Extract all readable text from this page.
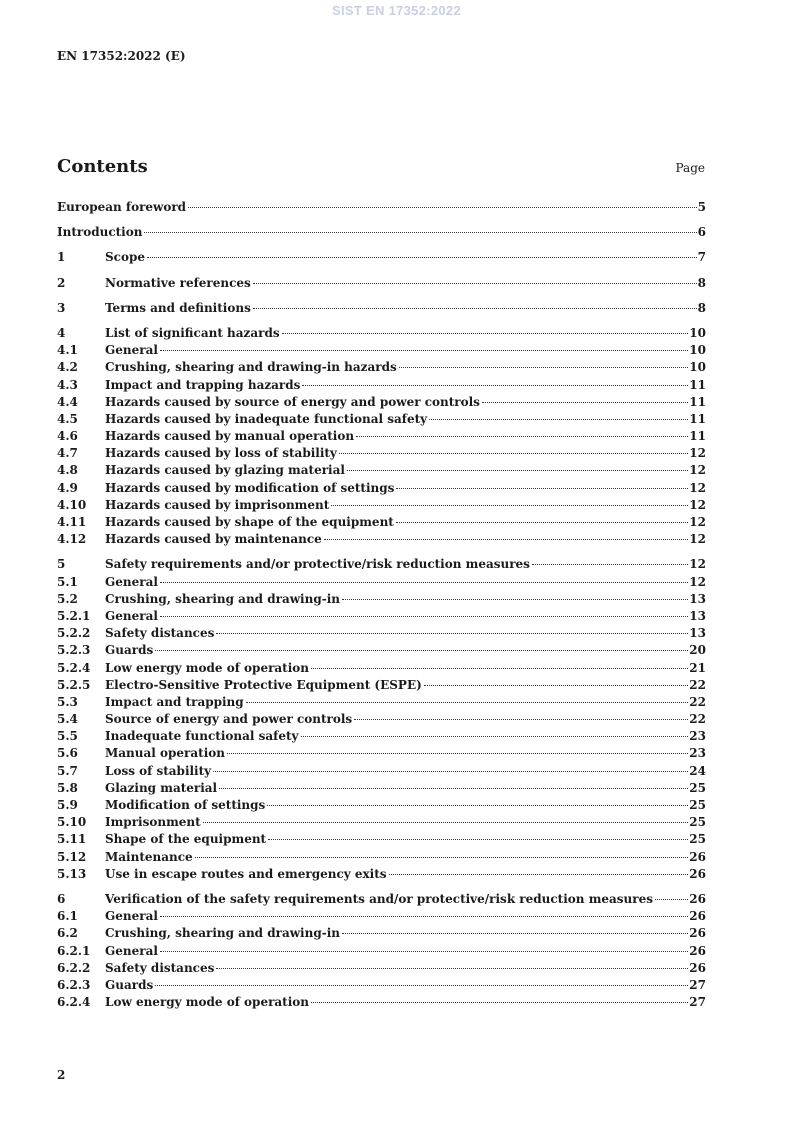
SIST EN 17352:2022
EN 17352:2022 (E)
Contents	Page
European foreword	5
Introduction	6
1	Scope	7
2	Normative references	8
3	Terms and definitions	8
4	List of significant hazards	10
4.1	General	10
4.2	Crushing, shearing and drawing-in hazards	10
4.3	Impact and trapping hazards	11
4.4	Hazards caused by source of energy and power controls	11
4.5	Hazards caused by inadequate functional safety	11
4.6	Hazards caused by manual operation	11
4.7	Hazards caused by loss of stability	12
4.8	Hazards caused by glazing material	12
4.9	Hazards caused by modification of settings	12
4.10	Hazards caused by imprisonment	12
4.11	Hazards caused by shape of the equipment	12
4.12	Hazards caused by maintenance	12
5	Safety requirements and/or protective/risk reduction measures	12
5.1	General	12
5.2	Crushing, shearing and drawing-in	13
5.2.1	General	13
5.2.2	Safety distances	13
5.2.3	Guards	20
5.2.4	Low energy mode of operation	21
5.2.5	Electro-Sensitive Protective Equipment (ESPE)	22
5.3	Impact and trapping	22
5.4	Source of energy and power controls	22
5.5	Inadequate functional safety	23
5.6	Manual operation	23
5.7	Loss of stability	24
5.8	Glazing material	25
5.9	Modification of settings	25
5.10	Imprisonment	25
5.11	Shape of the equipment	25
5.12	Maintenance	26
5.13	Use in escape routes and emergency exits	26
6	Verification of the safety requirements and/or protective/risk reduction measures	26
6.1	General	26
6.2	Crushing, shearing and drawing-in	26
6.2.1	General	26
6.2.2	Safety distances	26
6.2.3	Guards	27
6.2.4	Low energy mode of operation	27
2
